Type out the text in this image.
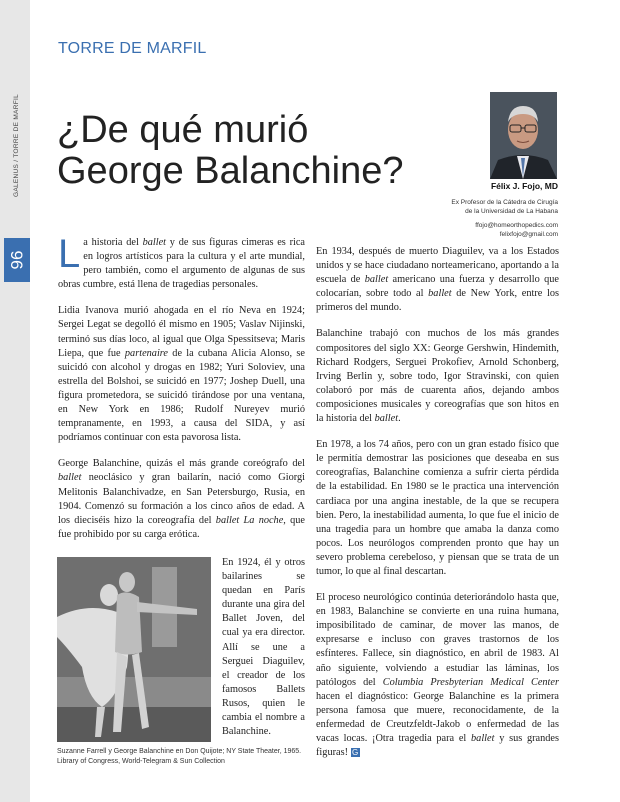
GALENUS / TORRE DE MARFIL
96
TORRE DE MARFIL
¿De qué murió
George Balanchine?	Félix J. Fojo, MD
Ex Profesor de la Cátedra de Cirugía
de la Universidad de La Habana
ffojo@homeorthopedics.com
felixfojo@gmail.com

La historia del ballet y de sus figuras cimeras es rica en logros artísticos para la cultura y el arte mundial, pero también, como el argumento de algunas de sus obras cumbre, está llena de tragedias personales.

Lidia Ivanova murió ahogada en el río Neva en 1924; Sergei Legat se degolló él mismo en 1905; Vaslav Nijinski, terminó sus días loco, al igual que Olga Spessitseva; Maris Liepa, que fue partenaire de la cubana Alicia Alonso, se suicidó con alcohol y drogas en 1982; Yuri Soloviev, una estrella del Bolshoi, se suicidó en 1977; Joshep Duell, una figura prometedora, se suicidó tirándose por una ventana, en New York en 1986; Rudolf Nureyev murió tempranamente, en 1993, a causa del SIDA, y así podríamos continuar con esta pavorosa lista.

George Balanchine, quizás el más grande coreógrafo del ballet neoclásico y gran bailarín, nació como Giorgi Melitonis Balanchivadze, en San Petersburgo, Rusia, en 1904. Comenzó su formación a los cinco años de edad. A los dieciséis hizo la coreografía del ballet La noche, que fue prohibido por su carga erótica.

En 1924, él y otros bailarines se quedan en París durante una gira del Ballet Joven, del cual ya era director. Allí se une a Serguei Diaguilev, el creador de los famosos Ballets Rusos, quien le cambia el nombre a Balanchine.

Suzanne Farrell y George Balanchine en Don Quijote; NY State Theater, 1965. Library of Congress, World-Telegram & Sun Collection

En 1934, después de muerto Diaguilev, va a los Estados unidos y se hace ciudadano norteamericano, aportando a la escuela de ballet americano una fuerza y desarrollo que colocarían, sobre todo al ballet de New York, entre los primeros del mundo.

Balanchine trabajó con muchos de los más grandes compositores del siglo XX: George Gershwin, Hindemith, Richard Rodgers, Serguei Prokofiev, Arnold Schonberg, Irving Berlin y, sobre todo, Igor Stravinski, con quien colaboró por más de cuarenta años, dejando ambos composiciones musicales y coreografías que son hitos en la historia del ballet.

En 1978, a los 74 años, pero con un gran estado físico que le permitía demostrar las posiciones que deseaba en sus coreografías, Balanchine comienza a sufrir cierta pérdida de la estabilidad. En 1980 se le practica una intervención cardiaca por una angina inestable, de la que se recupera bien. Pero, la inestabilidad aumenta, lo que fue el inicio de una tragedia para un hombre que amaba la danza como pocos. Los neurólogos comprenden pronto que hay un severo problema cerebeloso, y piensan que se trata de un tumor, lo que al final descartan.

El proceso neurológico continúa deteriorándolo hasta que, en 1983, Balanchine se convierte en una ruina humana, imposibilitado de caminar, de mover las manos, de expresarse e incluso con graves trastornos de los esfínteres. Fallece, sin diagnóstico, en abril de 1983. Al año siguiente, volviendo a estudiar las láminas, los patólogos del Columbia Presbyterian Medical Center hacen el diagnóstico: George Balanchine es la primera persona famosa que muere, reconocidamente, de la enfermedad de Creutzfeldt-Jakob o enfermedad de las vacas locas. ¡Otra tragedia para el ballet y sus grandes figuras! G
